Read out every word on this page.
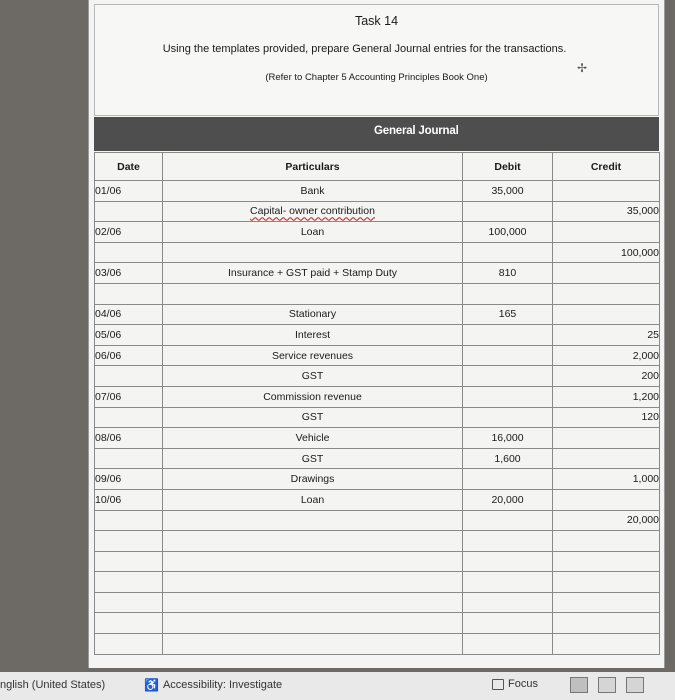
Task 14
Using the templates provided, prepare General Journal entries for the transactions.
(Refer to Chapter 5 Accounting Principles Book One)
✢
General Journal
Date	Particulars	Debit	Credit
01/06	Bank	35,000	
	Capital- owner contribution		35,000
02/06	Loan	100,000	
			100,000
03/06	Insurance + GST paid + Stamp Duty	810	

04/06	Stationary	165	
05/06	Interest		25
06/06	Service revenues		2,000
	GST		200
07/06	Commission revenue		1,200
	GST		120
08/06	Vehicle	16,000	
	GST	1,600	
09/06	Drawings		1,000
10/06	Loan	20,000	
			20,000

nglish (United States)	♿ Accessibility: Investigate	Focus
